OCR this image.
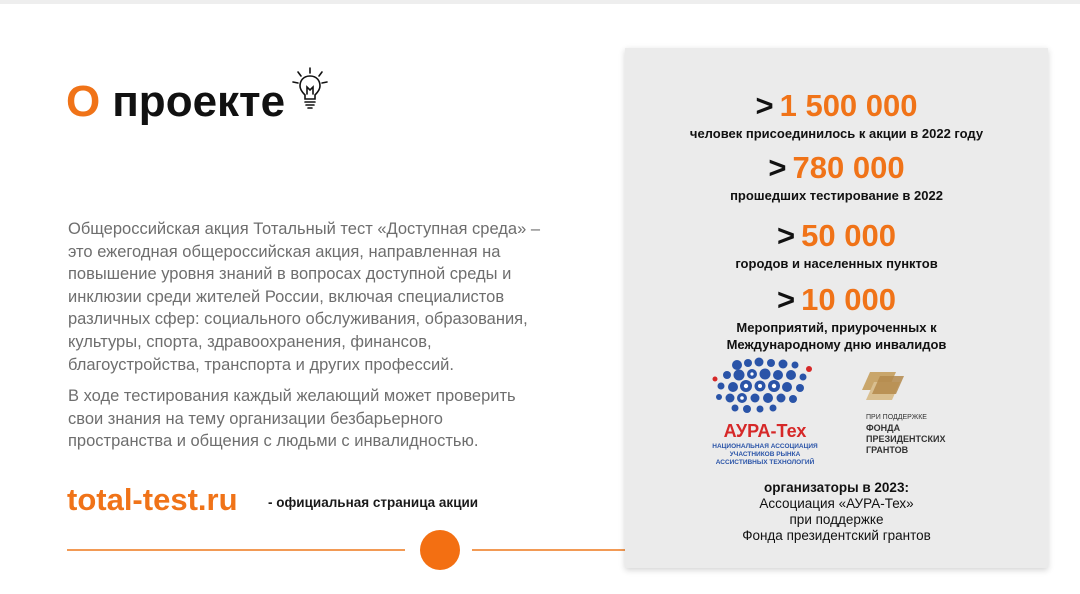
О проекте
Общероссийская акция Тотальный тест «Доступная среда» –
это ежегодная общероссийская акция, направленная на
повышение уровня знаний в вопросах доступной среды и
инклюзии среди жителей России, включая специалистов
различных сфер: социального обслуживания, образования,
культуры, спорта, здравоохранения, финансов,
благоустройства, транспорта и других профессий.
В ходе тестирования каждый желающий может проверить
свои знания на тему организации безбарьерного
пространства и общения с людьми с инвалидностью.
total-test.ru - официальная страница акции
> 1 500 000
человек присоединилось к акции в 2022 году
> 780 000
прошедших тестирование в 2022
> 50 000
городов и населенных пунктов
> 10 000
Мероприятий, приуроченных к
Международному дню инвалидов
АУРА-Тех
НАЦИОНАЛЬНАЯ АССОЦИАЦИЯ
УЧАСТНИКОВ РЫНКА
АССИСТИВНЫХ ТЕХНОЛОГИЙ
ПРИ ПОДДЕРЖКЕ
ФОНДА
ПРЕЗИДЕНТСКИХ
ГРАНТОВ
организаторы в 2023:
Ассоциация «АУРА-Тех»
при поддержке
Фонда президентский грантов
